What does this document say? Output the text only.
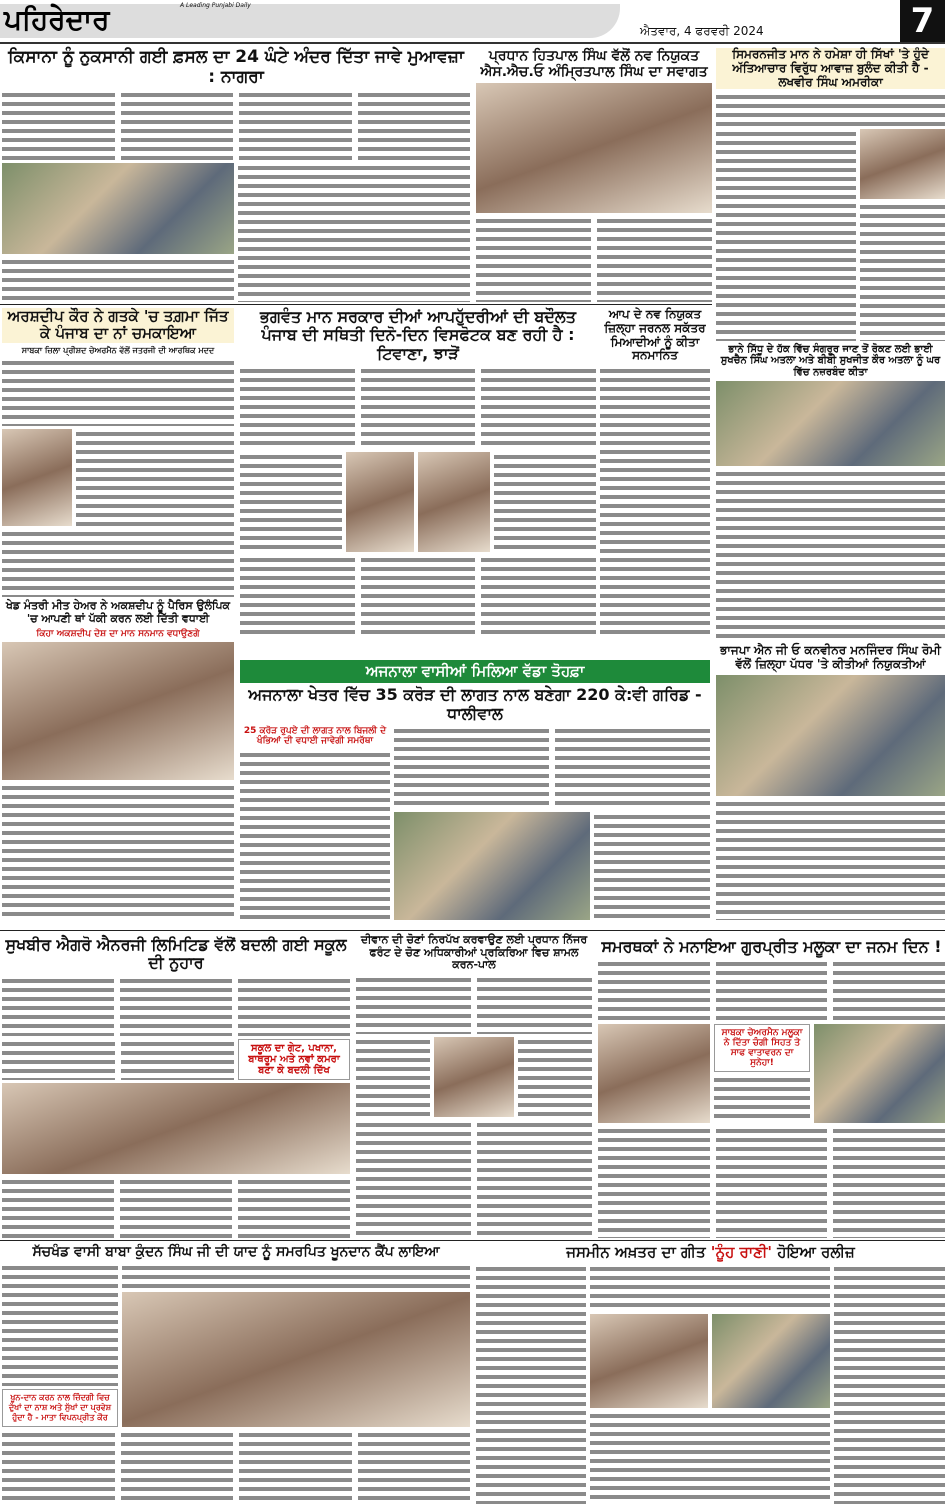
ਪਹਿਰੇਦਾਰ	A Leading Punjabi Daily
ਐਤਵਾਰ, 4 ਫਰਵਰੀ 2024	7
ਕਿਸਾਨਾ ਨੂੰ ਨੁਕਸਾਨੀ ਗਈ ਫ਼ਸਲ ਦਾ 24 ਘੰਟੇ ਅੰਦਰ ਦਿੱਤਾ ਜਾਵੇ ਮੁਆਵਜ਼ਾ : ਨਾਗਰਾ
ਪ੍ਰਧਾਨ ਹਿਤਪਾਲ ਸਿੰਘ ਵੱਲੋਂ ਨਵ ਨਿਯੁਕਤ ਐਸ.ਐਚ.ਓ ਅੰਮ੍ਰਿਤਪਾਲ ਸਿੰਘ ਦਾ ਸਵਾਗਤ
ਸਿਮਰਨਜੀਤ ਮਾਨ ਨੇ ਹਮੇਸ਼ਾ ਹੀ ਸਿੱਖਾਂ 'ਤੇ ਹੁੰਦੇ ਅੱਤਿਆਚਾਰ ਵਿਰੁੱਧ ਆਵਾਜ਼ ਬੁਲੰਦ ਕੀਤੀ ਹੈ - ਲਖਵੀਰ ਸਿੰਘ ਅਮਰੀਕਾ
ਭਾਨੇ ਸਿੱਧੂ ਦੇ ਹੱਕ ਵਿੱਚ ਸੰਗਰੂਰ ਜਾਣ ਤੋਂ ਰੋਕਣ ਲਈ ਭਾਈ ਸੁਖਚੈਨ ਸਿੰਘ ਅਤਲਾ ਅਤੇ ਬੀਬੀ ਸੁਖਜੀਤ ਕੌਰ ਅਤਲਾ ਨੂੰ ਘਰ ਵਿੱਚ ਨਜ਼ਰਬੰਦ ਕੀਤਾ
ਅਰਸ਼ਦੀਪ ਕੌਰ ਨੇ ਗਤਕੇ 'ਚ ਤਗ਼ਮਾ ਜਿੱਤ ਕੇ ਪੰਜਾਬ ਦਾ ਨਾਂ ਚਮਕਾਇਆ
ਸਾਬਕਾ ਜ਼ਿਲਾ ਪ੍ਰੀਸ਼ਦ ਚੇਅਰਮੈਨ ਵੱਲੋਂ ਜਤਰਜੀ ਦੀ ਆਰਥਿਕ ਮਦਦ
ਖੇਡ ਮੰਤਰੀ ਮੀਤ ਹੇਅਰ ਨੇ ਅਕਸ਼ਦੀਪ ਨੂੰ ਪੈਰਿਸ ਉਲੰਪਿਕ 'ਚ ਆਪਣੀ ਥਾਂ ਪੱਕੀ ਕਰਨ ਲਈ ਦਿੱਤੀ ਵਧਾਈ
ਕਿਹਾ ਅਕਸ਼ਦੀਪ ਦੇਸ਼ ਦਾ ਮਾਨ ਸਨਮਾਨ ਵਧਾਉਣਗੇ
ਭਗਵੰਤ ਮਾਨ ਸਰਕਾਰ ਦੀਆਂ ਆਪਹੁੱਦਰੀਆਂ ਦੀ ਬਦੌਲਤ ਪੰਜਾਬ ਦੀ ਸਥਿਤੀ ਦਿਨੋ-ਦਿਨ ਵਿਸਫੋਟਕ ਬਣ ਰਹੀ ਹੈ : ਟਿਵਾਣਾ, ਝਾੜੋਂ
ਆਪ ਦੇ ਨਵ ਨਿਯੁਕਤ ਜ਼ਿਲ੍ਹਾ ਜਰਨਲ ਸਕੱਤਰ ਮਿਆਦੀਆਂ ਨੂੰ ਕੀਤਾ ਸਨਮਾਨਿਤ
ਅਜਨਾਲਾ ਵਾਸੀਆਂ ਮਿਲਿਆ ਵੱਡਾ ਤੋਹਫ਼ਾ
ਅਜਨਾਲਾ ਖੇਤਰ ਵਿੱਚ 35 ਕਰੋੜ ਦੀ ਲਾਗਤ ਨਾਲ ਬਣੇਗਾ 220 ਕੇ:ਵੀ ਗਰਿਡ - ਧਾਲੀਵਾਲ
25 ਕਰੋੜ ਰੁਪਏ ਦੀ ਲਾਗਤ ਨਾਲ ਬਿਜਲੀ ਦੇ ਖੰਭਿਆਂ ਦੀ ਵਧਾਈ ਜਾਵੇਗੀ ਸਮਰੱਥਾ
ਭਾਜਪਾ ਐਨ ਜੀ ਓ ਕਨਵੀਨਰ ਮਨਜਿੰਦਰ ਸਿੰਘ ਰੋਮੀ ਵੱਲੋਂ ਜ਼ਿਲ੍ਹਾ ਪੱਧਰ 'ਤੇ ਕੀਤੀਆਂ ਨਿਯੁਕਤੀਆਂ
ਸੁਖਬੀਰ ਐਗਰੋ ਐਨਰਜੀ ਲਿਮਿਟਿਡ ਵੱਲੋਂ ਬਦਲੀ ਗਈ ਸਕੂਲ ਦੀ ਨੁਹਾਰ
ਸਕੂਲ ਦਾ ਗੇਟ, ਪਖਾਨਾ, ਬਾਥਰੂਮ ਅਤੇ ਨਵਾਂ ਕਮਰਾ ਬਣਾ ਕੇ ਬਦਲੀ ਦਿੱਖ
ਦੀਵਾਨ ਦੀ ਚੋਣਾਂ ਨਿਰਪੱਖ ਕਰਵਾਉਣ ਲਈ ਪ੍ਰਧਾਨ ਨਿੱਜਰ ਫਰੰਟ ਦੇ ਚੋਣ ਅਧਿਕਾਰੀਆਂ ਪ੍ਰਕਿਰਿਆ ਵਿਚ ਸ਼ਾਮਲ ਕਰਨ-ਪਾਲ
ਸਮਰਥਕਾਂ ਨੇ ਮਨਾਇਆ ਗੁਰਪ੍ਰੀਤ ਮਲੂਕਾ ਦਾ ਜਨਮ ਦਿਨ !
ਸਾਬਕਾ ਚੇਅਰਮੈਨ ਮਲੂਕਾ ਨੇ ਦਿੱਤਾ ਚੰਗੀ ਸਿਹਤ ਤੇ ਸਾਫ ਵਾਤਾਵਰਨ ਦਾ ਸੁਨੇਹਾ!
ਸੱਚਖੰਡ ਵਾਸੀ ਬਾਬਾ ਕੁੰਦਨ ਸਿੰਘ ਜੀ ਦੀ ਯਾਦ ਨੂੰ ਸਮਰਪਿਤ ਖੂਨਦਾਨ ਕੈਂਪ ਲਾਇਆ
ਖੂਨ-ਦਾਨ ਕਰਨ ਨਾਲ ਜ਼ਿੰਦਗੀ ਵਿਚ ਦੁੱਖਾਂ ਦਾ ਨਾਸ਼ ਅਤੇ ਸੁੱਖਾਂ ਦਾ ਪ੍ਰਵੇਸ਼ ਹੁੰਦਾ ਹੈ - ਮਾਤਾ ਵਿਪਨਪ੍ਰੀਤ ਕੌਰ
ਜਸਮੀਨ ਅਖ਼ਤਰ ਦਾ ਗੀਤ 'ਨੂੰਹ ਰਾਣੀ' ਹੋਇਆ ਰਲੀਜ਼
